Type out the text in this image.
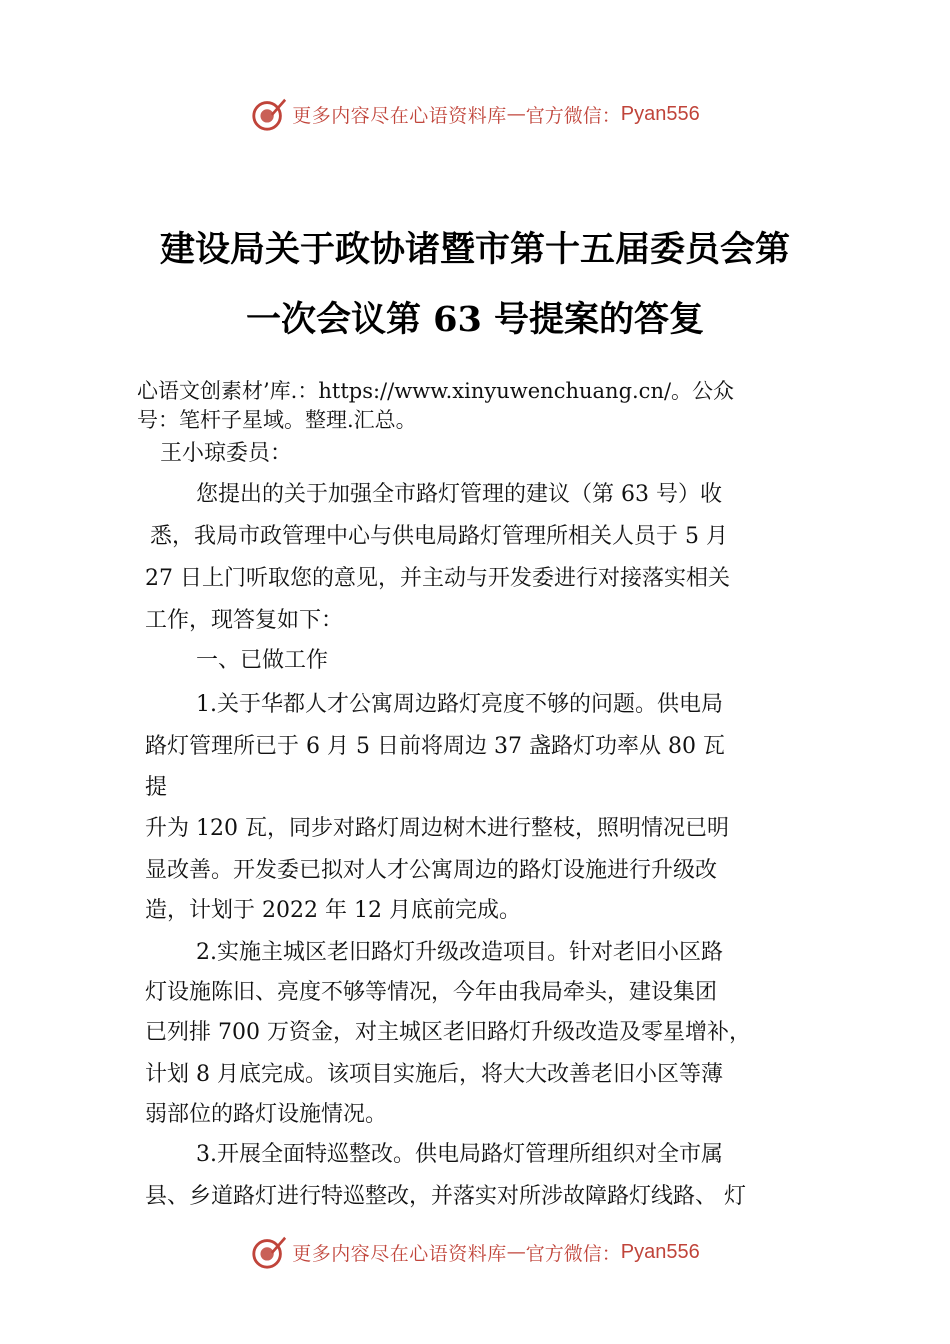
更多内容尽在心语资料库 — 官方微信： Pyan556
建设局关于政协诸暨市第十五届委员会第
一次会议第 63 号提案的答复
心语文创素材’库.：https://www.xinyuwenchuang.cn/。公众
号：笔杆子星域。整理.汇总。
王小琼委员：
您提出的关于加强全市路灯管理的建议（第 63 号）收
悉，我局市政管理中心与供电局路灯管理所相关人员于 5 月
27 日上门听取您的意见，并主动与开发委进行对接落实相关
工作，现答复如下：
一、已做工作
1.关于华都人才公寓周边路灯亮度不够的问题。供电局
路灯管理所已于 6 月 5 日前将周边 37 盏路灯功率从 80 瓦
提
升为 120 瓦，同步对路灯周边树木进行整枝，照明情况已明
显改善。开发委已拟对人才公寓周边的路灯设施进行升级改
造，计划于 2022 年 12 月底前完成。
2.实施主城区老旧路灯升级改造项目。针对老旧小区路
灯设施陈旧、亮度不够等情况，今年由我局牵头，建设集团
已列排 700 万资金，对主城区老旧路灯升级改造及零星增补，
计划 8 月底完成。该项目实施后，将大大改善老旧小区等薄
弱部位的路灯设施情况。
3.开展全面特巡整改。供电局路灯管理所组织对全市属
县、乡道路灯进行特巡整改，并落实对所涉故障路灯线路、 灯
更多内容尽在心语资料库 — 官方微信： Pyan556
